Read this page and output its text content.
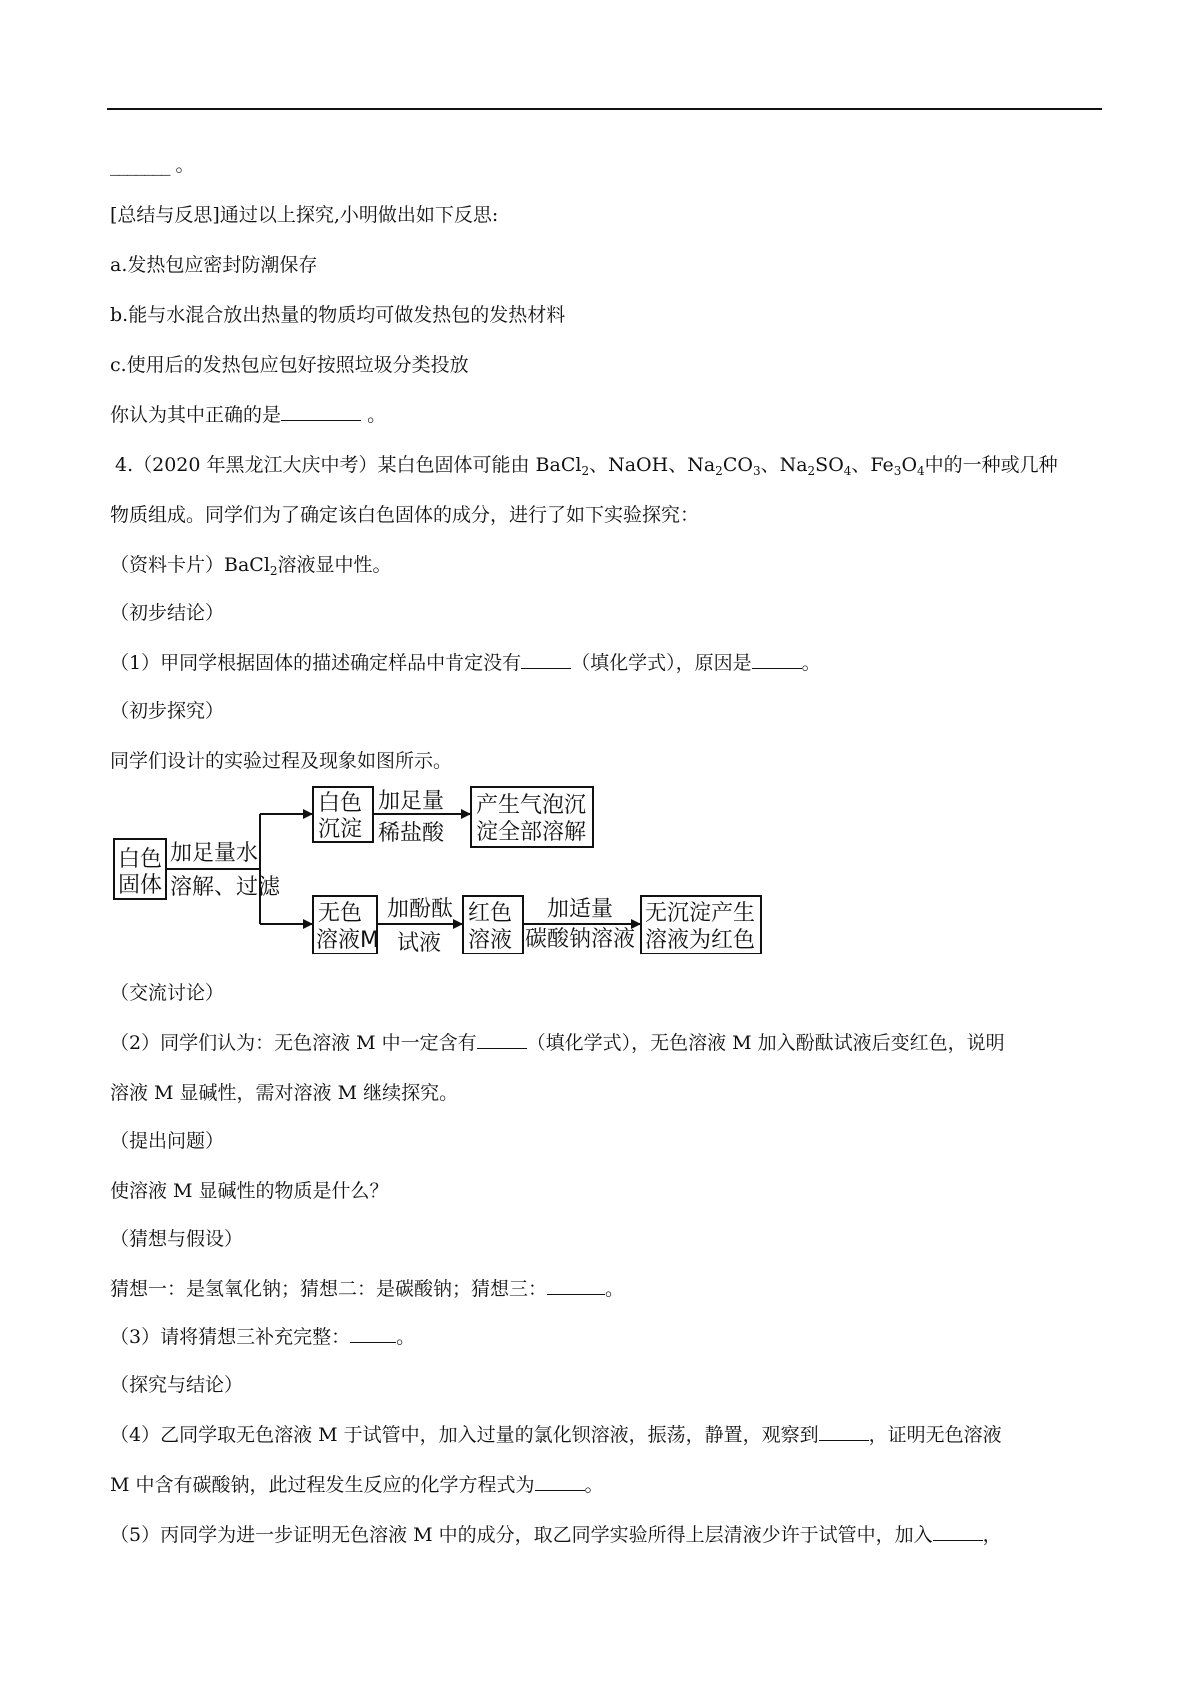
_______ 。
[总结与反思]通过以上探究,小明做出如下反思:
a.发热包应密封防潮保存
b.能与水混合放出热量的物质均可做发热包的发热材料
c.使用后的发热包应包好按照垃圾分类投放
你认为其中正确的是	。
4.（2020 年黑龙江大庆中考）某白色固体可能由 BaCl$_2$、NaOH、$Na_2CO_3$、$Na_2SO_4$、$Fe_3O_4$中的一种或几种
物质组成。同学们为了确定该白色固体的成分，进行了如下实验探究：
（资料卡片）BaCl$_2$溶液显中性。
（初步结论）
（1）甲同学根据固体的描述确定样品中肯定没有	（填化学式），原因是	。
（初步探究）
同学们设计的实验过程及现象如图所示。
白色
固体
加足量水
溶解、过滤
白色
沉淀
加足量
稀盐酸
产生气泡沉
淀全部溶解
无色
溶液M
加酚酞
试液
红色
溶液
加适量
碳酸钠溶液
无沉淀产生
溶液为红色
（交流讨论）
（2）同学们认为：无色溶液 M 中一定含有	（填化学式），无色溶液 M 加入酚酞试液后变红色，说明
溶液 M 显碱性，需对溶液 M 继续探究。
（提出问题）
使溶液 M 显碱性的物质是什么？
（猜想与假设）
猜想一：是氢氧化钠；猜想二：是碳酸钠；猜想三：	。
（3）请将猜想三补充完整： 。
（探究与结论）
（4）乙同学取无色溶液 M 于试管中，加入过量的氯化钡溶液，振荡，静置，观察到	，证明无色溶液
M 中含有碳酸钠，此过程发生反应的化学方程式为	。
（5）丙同学为进一步证明无色溶液 M 中的成分，取乙同学实验所得上层清液少许于试管中，加入	，
